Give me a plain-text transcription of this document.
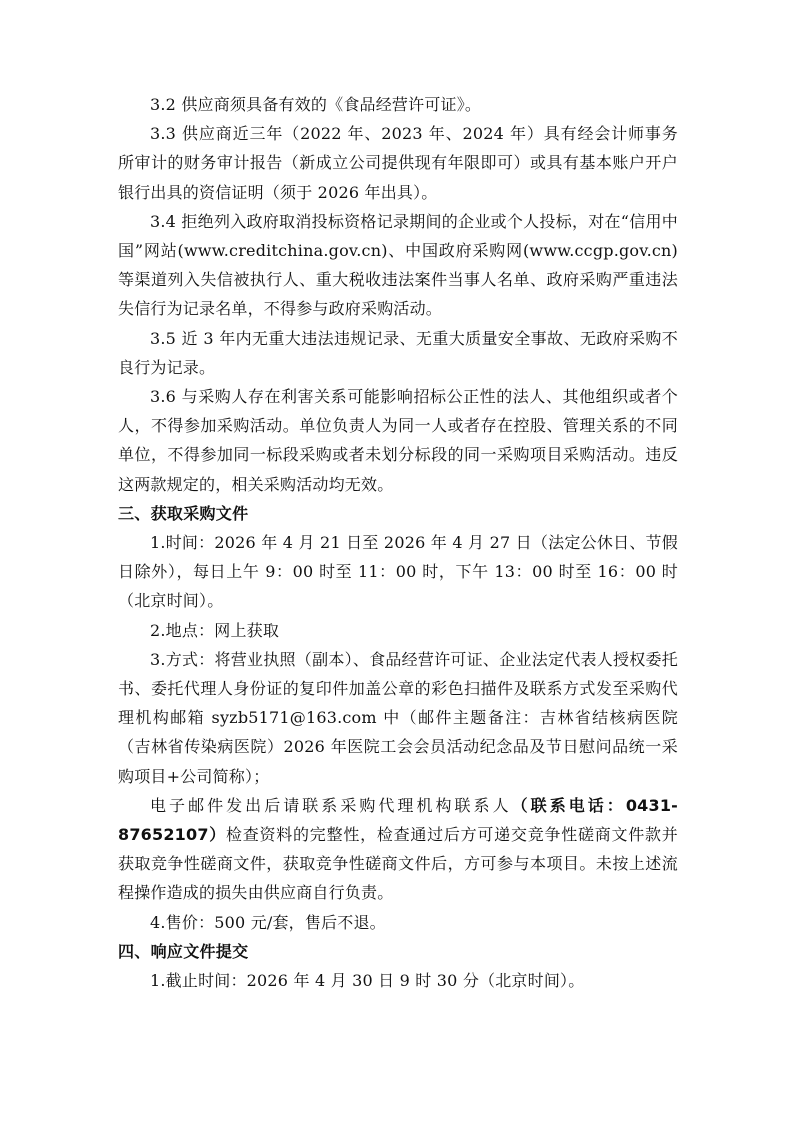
3.2 供应商须具备有效的《食品经营许可证》。

3.3 供应商近三年（2022 年、2023 年、2024 年）具有经会计师事务所审计的财务审计报告（新成立公司提供现有年限即可）或具有基本账户开户银行出具的资信证明（须于 2026 年出具）。

3.4 拒绝列入政府取消投标资格记录期间的企业或个人投标，对在“信用中国”网站(www.creditchina.gov.cn)、中国政府采购网(www.ccgp.gov.cn)等渠道列入失信被执行人、重大税收违法案件当事人名单、政府采购严重违法失信行为记录名单，不得参与政府采购活动。

3.5 近 3 年内无重大违法违规记录、无重大质量安全事故、无政府采购不良行为记录。

3.6 与采购人存在利害关系可能影响招标公正性的法人、其他组织或者个人，不得参加采购活动。单位负责人为同一人或者存在控股、管理关系的不同单位，不得参加同一标段采购或者未划分标段的同一采购项目采购活动。违反这两款规定的，相关采购活动均无效。

三、获取采购文件

1.时间：2026 年 4 月 21 日至 2026 年 4 月 27 日（法定公休日、节假日除外），每日上午 9：00 时至 11：00 时，下午 13：00 时至 16：00 时（北京时间）。

2.地点：网上获取

3.方式：将营业执照（副本）、食品经营许可证、企业法定代表人授权委托书、委托代理人身份证的复印件加盖公章的彩色扫描件及联系方式发至采购代理机构邮箱 syzb5171@163.com 中（邮件主题备注：吉林省结核病医院（吉林省传染病医院）2026 年医院工会会员活动纪念品及节日慰问品统一采购项目+公司简称）；

电子邮件发出后请联系采购代理机构联系人（联系电话：0431-87652107）检查资料的完整性，检查通过后方可递交竞争性磋商文件款并获取竞争性磋商文件，获取竞争性磋商文件后，方可参与本项目。未按上述流程操作造成的损失由供应商自行负责。

4.售价：500 元/套，售后不退。

四、响应文件提交

1.截止时间：2026 年 4 月 30 日 9 时 30 分（北京时间）。
